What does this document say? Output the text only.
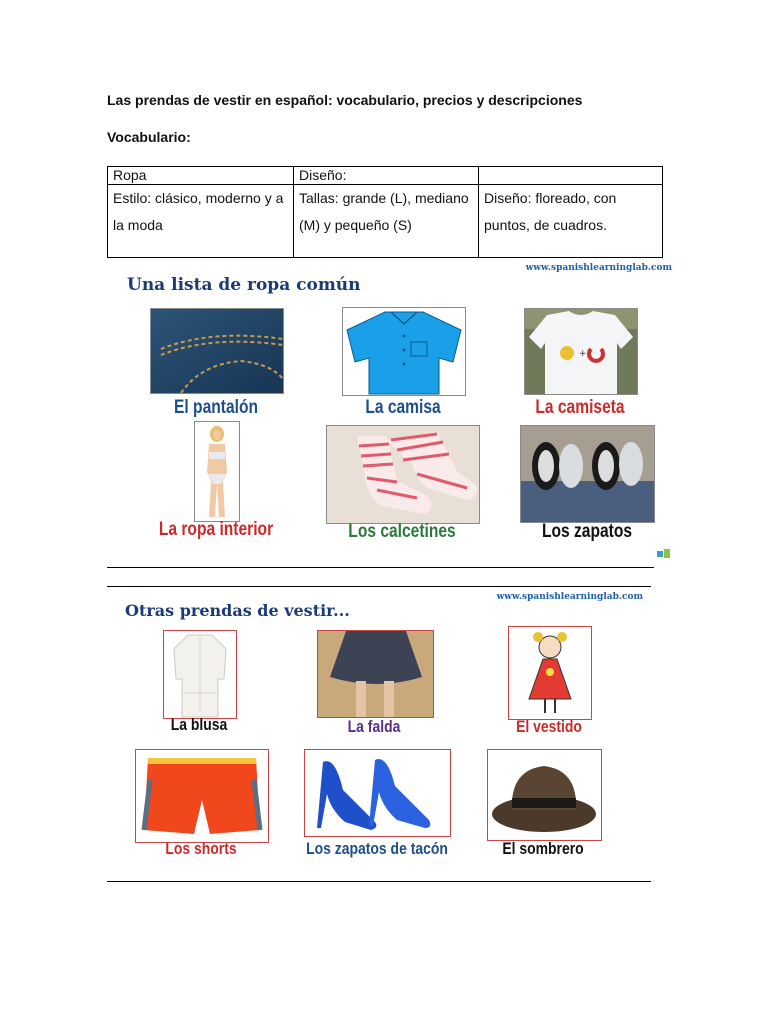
Las prendas de vestir en español: vocabulario, precios y descripciones
Vocabulario:
Ropa	Diseño:	
Estilo: clásico, moderno y a la moda	Tallas: grande (L), mediano (M) y pequeño (S)	Diseño: floreado, con puntos, de cuadros.
www.spanishlearninglab.com
Una lista de ropa común
El pantalón	La camisa
+
La camiseta
La ropa interior	Los calcetines	Los zapatos
www.spanishlearninglab.com
Otras prendas de vestir...
La blusa	La falda	El vestido
Los shorts	Los zapatos de tacón	El sombrero
